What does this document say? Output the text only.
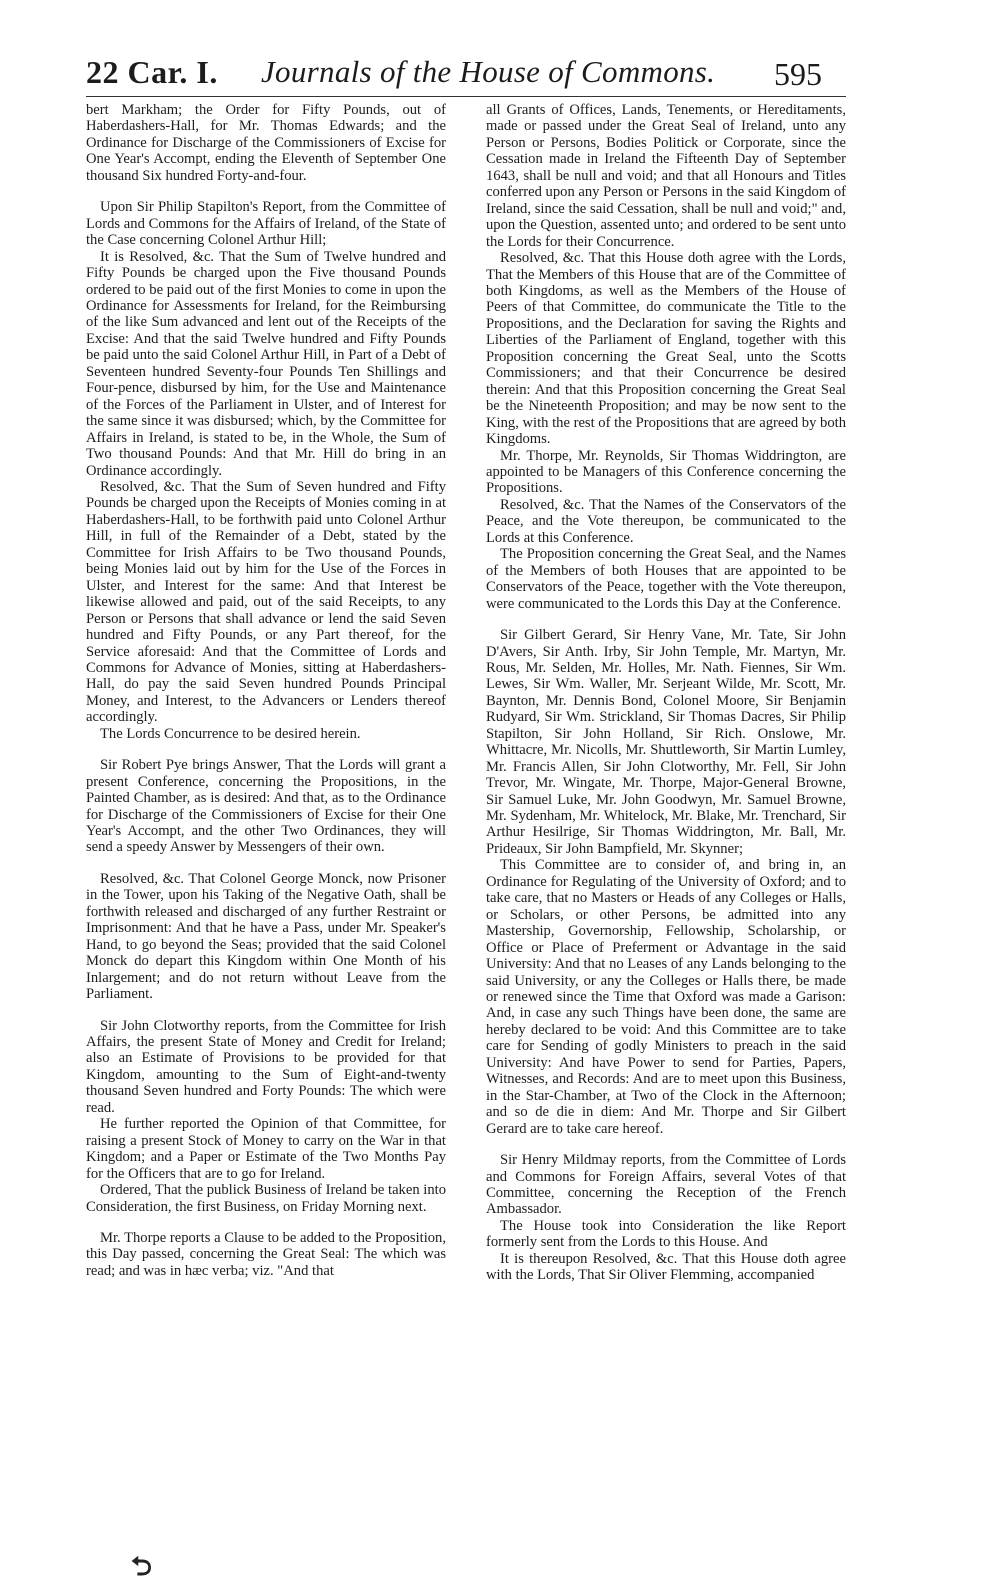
22 Car. I. Journals of the House of Commons. 595

bert Markham; the Order for Fifty Pounds, out of Haberdashers-Hall, for Mr. Thomas Edwards; and the Ordinance for Discharge of the Commissioners of Excise for One Year's Accompt, ending the Eleventh of September One thousand Six hundred Forty-and-four.

Upon Sir Philip Stapilton's Report, from the Committee of Lords and Commons for the Affairs of Ireland, of the State of the Case concerning Colonel Arthur Hill;

It is Resolved, &c. That the Sum of Twelve hundred and Fifty Pounds be charged upon the Five thousand Pounds ordered to be paid out of the first Monies to come in upon the Ordinance for Assessments for Ireland, for the Reimbursing of the like Sum advanced and lent out of the Receipts of the Excise: And that the said Twelve hundred and Fifty Pounds be paid unto the said Colonel Arthur Hill, in Part of a Debt of Seventeen hundred Seventy-four Pounds Ten Shillings and Four-pence, disbursed by him, for the Use and Maintenance of the Forces of the Parliament in Ulster, and of Interest for the same since it was disbursed; which, by the Committee for Affairs in Ireland, is stated to be, in the Whole, the Sum of Two thousand Pounds: And that Mr. Hill do bring in an Ordinance accordingly.

Resolved, &c. That the Sum of Seven hundred and Fifty Pounds be charged upon the Receipts of Monies coming in at Haberdashers-Hall, to be forthwith paid unto Colonel Arthur Hill, in full of the Remainder of a Debt, stated by the Committee for Irish Affairs to be Two thousand Pounds, being Monies laid out by him for the Use of the Forces in Ulster, and Interest for the same: And that Interest be likewise allowed and paid, out of the said Receipts, to any Person or Persons that shall advance or lend the said Seven hundred and Fifty Pounds, or any Part thereof, for the Service aforesaid: And that the Committee of Lords and Commons for Advance of Monies, sitting at Haberdashers-Hall, do pay the said Seven hundred Pounds Principal Money, and Interest, to the Advancers or Lenders thereof accordingly.

The Lords Concurrence to be desired herein.

Sir Robert Pye brings Answer, That the Lords will grant a present Conference, concerning the Propositions, in the Painted Chamber, as is desired: And that, as to the Ordinance for Discharge of the Commissioners of Excise for their One Year's Accompt, and the other Two Ordinances, they will send a speedy Answer by Messengers of their own.

Resolved, &c. That Colonel George Monck, now Prisoner in the Tower, upon his Taking of the Negative Oath, shall be forthwith released and discharged of any further Restraint or Imprisonment: And that he have a Pass, under Mr. Speaker's Hand, to go beyond the Seas; provided that the said Colonel Monck do depart this Kingdom within One Month of his Inlargement; and do not return without Leave from the Parliament.

Sir John Clotworthy reports, from the Committee for Irish Affairs, the present State of Money and Credit for Ireland; also an Estimate of Provisions to be provided for that Kingdom, amounting to the Sum of Eight-and-twenty thousand Seven hundred and Forty Pounds: The which were read.

He further reported the Opinion of that Committee, for raising a present Stock of Money to carry on the War in that Kingdom; and a Paper or Estimate of the Two Months Pay for the Officers that are to go for Ireland.

Ordered, That the publick Business of Ireland be taken into Consideration, the first Business, on Friday Morning next.

Mr. Thorpe reports a Clause to be added to the Proposition, this Day passed, concerning the Great Seal: The which was read; and was in hæc verba; viz. "And that

all Grants of Offices, Lands, Tenements, or Hereditaments, made or passed under the Great Seal of Ireland, unto any Person or Persons, Bodies Politick or Corporate, since the Cessation made in Ireland the Fifteenth Day of September 1643, shall be null and void; and that all Honours and Titles conferred upon any Person or Persons in the said Kingdom of Ireland, since the said Cessation, shall be null and void;" and, upon the Question, assented unto; and ordered to be sent unto the Lords for their Concurrence.

Resolved, &c. That this House doth agree with the Lords, That the Members of this House that are of the Committee of both Kingdoms, as well as the Members of the House of Peers of that Committee, do communicate the Title to the Propositions, and the Declaration for saving the Rights and Liberties of the Parliament of England, together with this Proposition concerning the Great Seal, unto the Scotts Commissioners; and that their Concurrence be desired therein: And that this Proposition concerning the Great Seal be the Nineteenth Proposition; and may be now sent to the King, with the rest of the Propositions that are agreed by both Kingdoms.

Mr. Thorpe, Mr. Reynolds, Sir Thomas Widdrington, are appointed to be Managers of this Conference concerning the Propositions.

Resolved, &c. That the Names of the Conservators of the Peace, and the Vote thereupon, be communicated to the Lords at this Conference.

The Proposition concerning the Great Seal, and the Names of the Members of both Houses that are appointed to be Conservators of the Peace, together with the Vote thereupon, were communicated to the Lords this Day at the Conference.

Sir Gilbert Gerard, Sir Henry Vane, Mr. Tate, Sir John D'Avers, Sir Anth. Irby, Sir John Temple, Mr. Martyn, Mr. Rous, Mr. Selden, Mr. Holles, Mr. Nath. Fiennes, Sir Wm. Lewes, Sir Wm. Waller, Mr. Serjeant Wilde, Mr. Scott, Mr. Baynton, Mr. Dennis Bond, Colonel Moore, Sir Benjamin Rudyard, Sir Wm. Strickland, Sir Thomas Dacres, Sir Philip Stapilton, Sir John Holland, Sir Rich. Onslowe, Mr. Whittacre, Mr. Nicolls, Mr. Shuttleworth, Sir Martin Lumley, Mr. Francis Allen, Sir John Clotworthy, Mr. Fell, Sir John Trevor, Mr. Wingate, Mr. Thorpe, Major-General Browne, Sir Samuel Luke, Mr. John Goodwyn, Mr. Samuel Browne, Mr. Sydenham, Mr. Whitelock, Mr. Blake, Mr. Trenchard, Sir Arthur Hesilrige, Sir Thomas Widdrington, Mr. Ball, Mr. Prideaux, Sir John Bampfield, Mr. Skynner;

This Committee are to consider of, and bring in, an Ordinance for Regulating of the University of Oxford; and to take care, that no Masters or Heads of any Colleges or Halls, or Scholars, or other Persons, be admitted into any Mastership, Governorship, Fellowship, Scholarship, or Office or Place of Preferment or Advantage in the said University: And that no Leases of any Lands belonging to the said University, or any the Colleges or Halls there, be made or renewed since the Time that Oxford was made a Garison: And, in case any such Things have been done, the same are hereby declared to be void: And this Committee are to take care for Sending of godly Ministers to preach in the said University: And have Power to send for Parties, Papers, Witnesses, and Records: And are to meet upon this Business, in the Star-Chamber, at Two of the Clock in the Afternoon; and so de die in diem: And Mr. Thorpe and Sir Gilbert Gerard are to take care hereof.

Sir Henry Mildmay reports, from the Committee of Lords and Commons for Foreign Affairs, several Votes of that Committee, concerning the Reception of the French Ambassador.

The House took into Consideration the like Report formerly sent from the Lords to this House. And

It is thereupon Resolved, &c. That this House doth agree with the Lords, That Sir Oliver Flemming, accompanied

⮌
